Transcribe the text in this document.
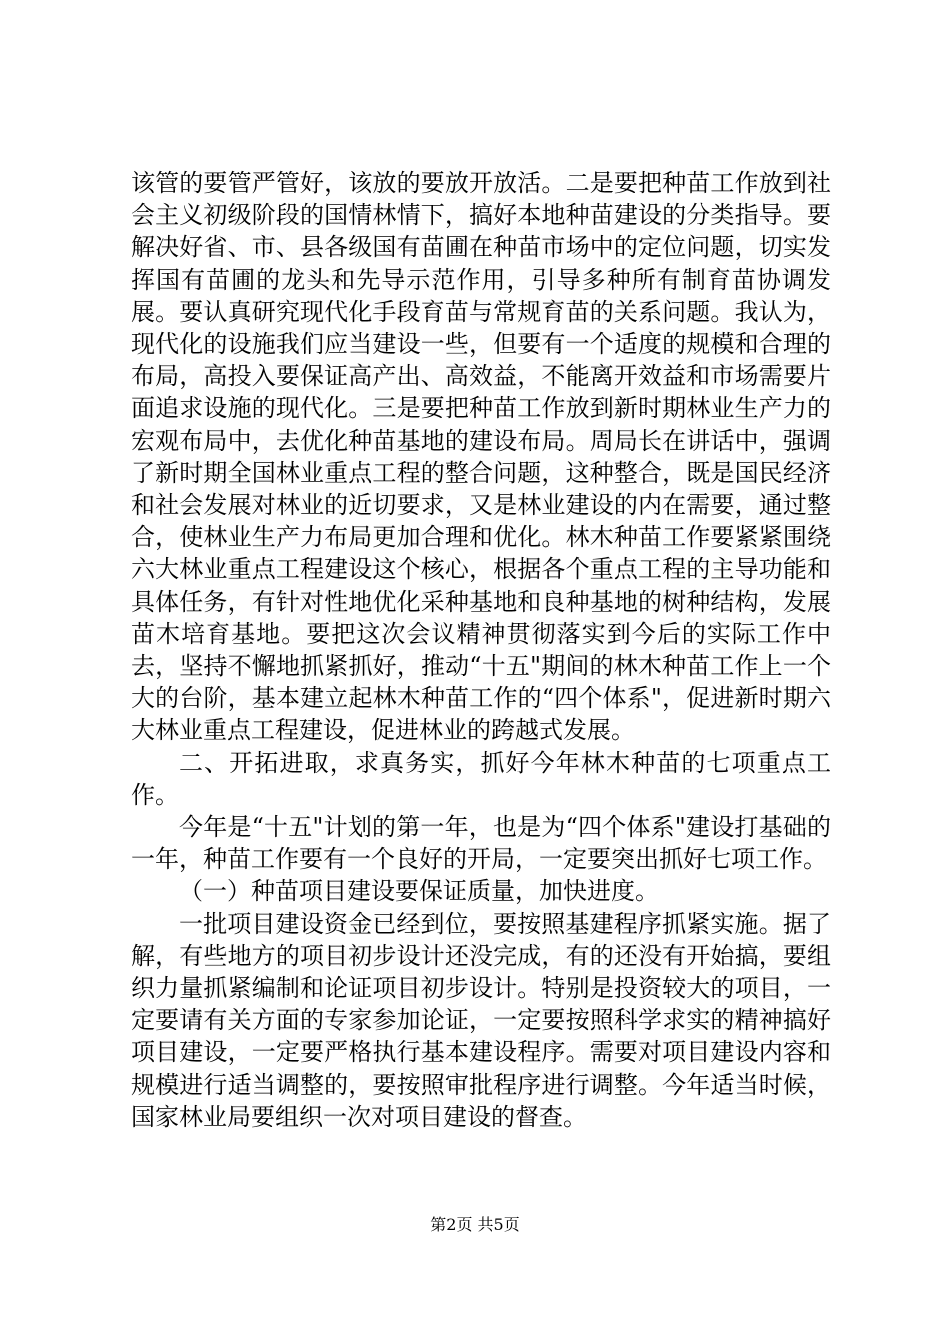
该管的要管严管好，该放的要放开放活。二是要把种苗工作放到社会主义初级阶段的国情林情下，搞好本地种苗建设的分类指导。要解决好省、市、县各级国有苗圃在种苗市场中的定位问题，切实发挥国有苗圃的龙头和先导示范作用，引导多种所有制育苗协调发展。要认真研究现代化手段育苗与常规育苗的关系问题。我认为，现代化的设施我们应当建设一些，但要有一个适度的规模和合理的布局，高投入要保证高产出、高效益，不能离开效益和市场需要片面追求设施的现代化。三是要把种苗工作放到新时期林业生产力的宏观布局中，去优化种苗基地的建设布局。周局长在讲话中，强调了新时期全国林业重点工程的整合问题，这种整合，既是国民经济和社会发展对林业的近切要求，又是林业建设的内在需要，通过整合，使林业生产力布局更加合理和优化。林木种苗工作要紧紧围绕六大林业重点工程建设这个核心，根据各个重点工程的主导功能和具体任务，有针对性地优化采种基地和良种基地的树种结构，发展苗木培育基地。要把这次会议精神贯彻落实到今后的实际工作中去，坚持不懈地抓紧抓好，推动“十五"期间的林木种苗工作上一个大的台阶，基本建立起林木种苗工作的“四个体系"，促进新时期六大林业重点工程建设，促进林业的跨越式发展。

二、开拓进取，求真务实，抓好今年林木种苗的七项重点工作。

今年是“十五"计划的第一年，也是为“四个体系"建设打基础的一年，种苗工作要有一个良好的开局，一定要突出抓好七项工作。

（一）种苗项目建设要保证质量，加快进度。

一批项目建设资金已经到位，要按照基建程序抓紧实施。据了解，有些地方的项目初步设计还没完成，有的还没有开始搞，要组织力量抓紧编制和论证项目初步设计。特别是投资较大的项目，一定要请有关方面的专家参加论证，一定要按照科学求实的精神搞好项目建设，一定要严格执行基本建设程序。需要对项目建设内容和规模进行适当调整的，要按照审批程序进行调整。今年适当时候，国家林业局要组织一次对项目建设的督查。

第2页 共5页
